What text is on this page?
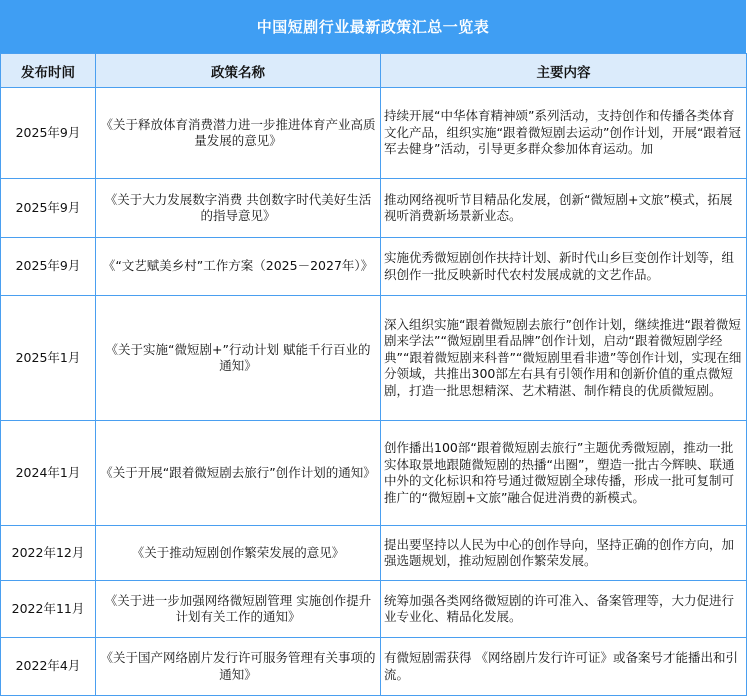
中国短剧行业最新政策汇总一览表
发布时间	政策名称	主要内容
2025年9月	《关于释放体育消费潜力进一步推进体育产业高质量发展的意见》	持续开展“中华体育精神颂”系列活动，支持创作和传播各类体育文化产品，组织实施“跟着微短剧去运动”创作计划，开展“跟着冠军去健身”活动，引导更多群众参加体育运动。加
2025年9月	《关于大力发展数字消费 共创数字时代美好生活的指导意见》	推动网络视听节目精品化发展，创新“微短剧+文旅”模式，拓展视听消费新场景新业态。
2025年9月	《“文艺赋美乡村”工作方案（2025－2027年）》	实施优秀微短剧创作扶持计划、新时代山乡巨变创作计划等，组织创作一批反映新时代农村发展成就的文艺作品。
2025年1月	《关于实施“微短剧+”行动计划 赋能千行百业的通知》	深入组织实施“跟着微短剧去旅行”创作计划，继续推进“跟着微短剧来学法”“微短剧里看品牌”创作计划，启动“跟着微短剧学经典”“跟着微短剧来科普”“微短剧里看非遗”等创作计划，实现在细分领域，共推出300部左右具有引领作用和创新价值的重点微短剧，打造一批思想精深、艺术精湛、制作精良的优质微短剧。
2024年1月	《关于开展“跟着微短剧去旅行”创作计划的通知》	创作播出100部“跟着微短剧去旅行”主题优秀微短剧，推动一批实体取景地跟随微短剧的热播“出圈”，塑造一批古今辉映、联通中外的文化标识和符号通过微短剧全球传播，形成一批可复制可推广的“微短剧+文旅”融合促进消费的新模式。
2022年12月	《关于推动短剧创作繁荣发展的意见》	提出要坚持以人民为中心的创作导向，坚持正确的创作方向，加强选题规划，推动短剧创作繁荣发展。
2022年11月	《关于进一步加强网络微短剧管理 实施创作提升计划有关工作的通知》	统筹加强各类网络微短剧的许可准入、备案管理等，大力促进行业专业化、精品化发展。
2022年4月	《关于国产网络剧片发行许可服务管理有关事项的通知》	有微短剧需获得 《网络剧片发行许可证》或备案号才能播出和引流。
